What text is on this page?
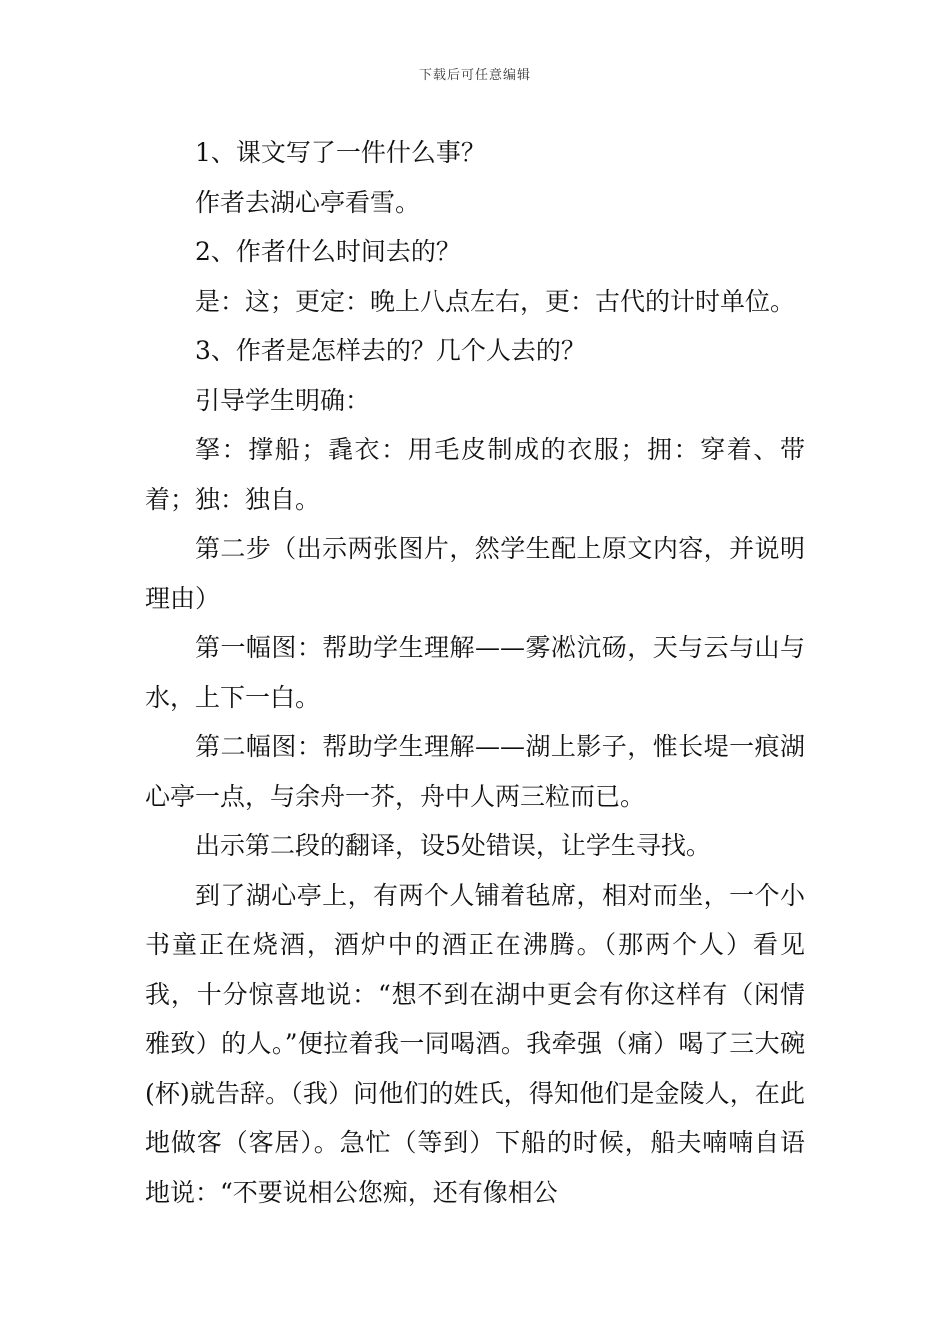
下载后可任意编辑

1、课文写了一件什么事？

作者去湖心亭看雪。

2、作者什么时间去的？

是：这；更定：晚上八点左右，更：古代的计时单位。

3、作者是怎样去的？几个人去的？

引导学生明确：

拏：撑船；毳衣：用毛皮制成的衣服；拥：穿着、带着；独：独自。

第二步（出示两张图片，然学生配上原文内容，并说明理由）

第一幅图：帮助学生理解——雾凇沆砀，天与云与山与水，上下一白。

第二幅图：帮助学生理解——湖上影子，惟长堤一痕湖心亭一点，与余舟一芥，舟中人两三粒而已。

出示第二段的翻译，设5处错误，让学生寻找。

到了湖心亭上，有两个人铺着毡席，相对而坐，一个小书童正在烧酒，酒炉中的酒正在沸腾。（那两个人）看见我，十分惊喜地说：“想不到在湖中更会有你这样有（闲情雅致）的人。”便拉着我一同喝酒。我牵强（痛）喝了三大碗(杯)就告辞。（我）问他们的姓氏，得知他们是金陵人，在此地做客（客居）。急忙（等到）下船的时候，船夫喃喃自语地说：“不要说相公您痴，还有像相公
